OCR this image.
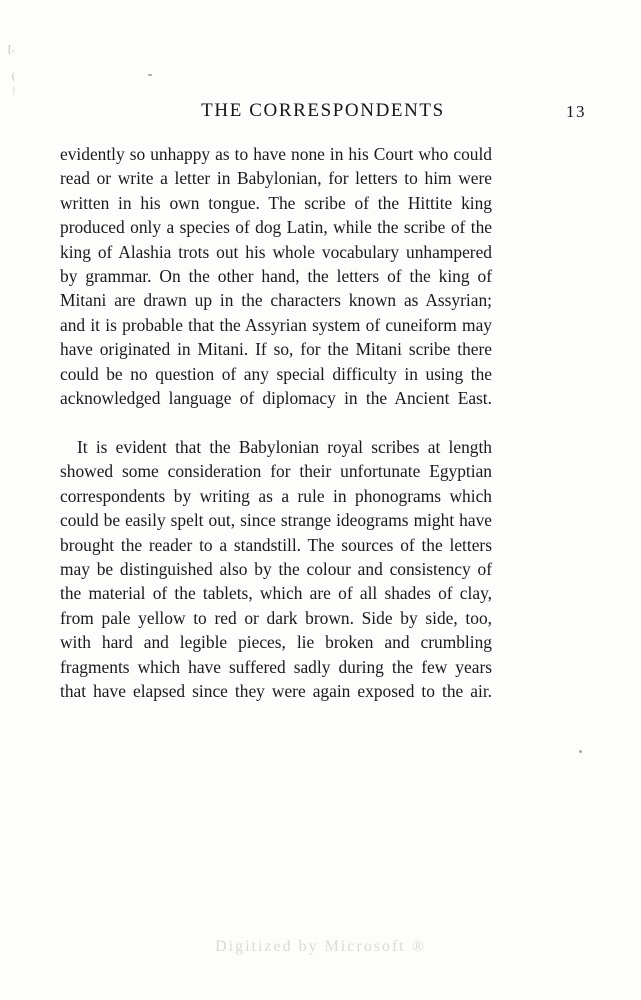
[.
(
|
THE CORRESPONDENTS	13

evidently so unhappy as to have none in his Court who could read or write a letter in Babylonian, for letters to him were written in his own tongue. The scribe of the Hittite king produced only a species of dog Latin, while the scribe of the king of Alashia trots out his whole vocabulary unhampered by grammar. On the other hand, the letters of the king of Mitani are drawn up in the characters known as Assyrian; and it is probable that the Assyrian system of cuneiform may have originated in Mitani. If so, for the Mitani scribe there could be no question of any special difficulty in using the acknowledged language of diplomacy in the Ancient East.

It is evident that the Babylonian royal scribes at length showed some consideration for their unfortunate Egyptian correspondents by writing as a rule in phonograms which could be easily spelt out, since strange ideograms might have brought the reader to a standstill. The sources of the letters may be distinguished also by the colour and consistency of the material of the tablets, which are of all shades of clay, from pale yellow to red or dark brown. Side by side, too, with hard and legible pieces, lie broken and crumbling fragments which have suffered sadly during the few years that have elapsed since they were again exposed to the air.

Digitized by Microsoft ®
